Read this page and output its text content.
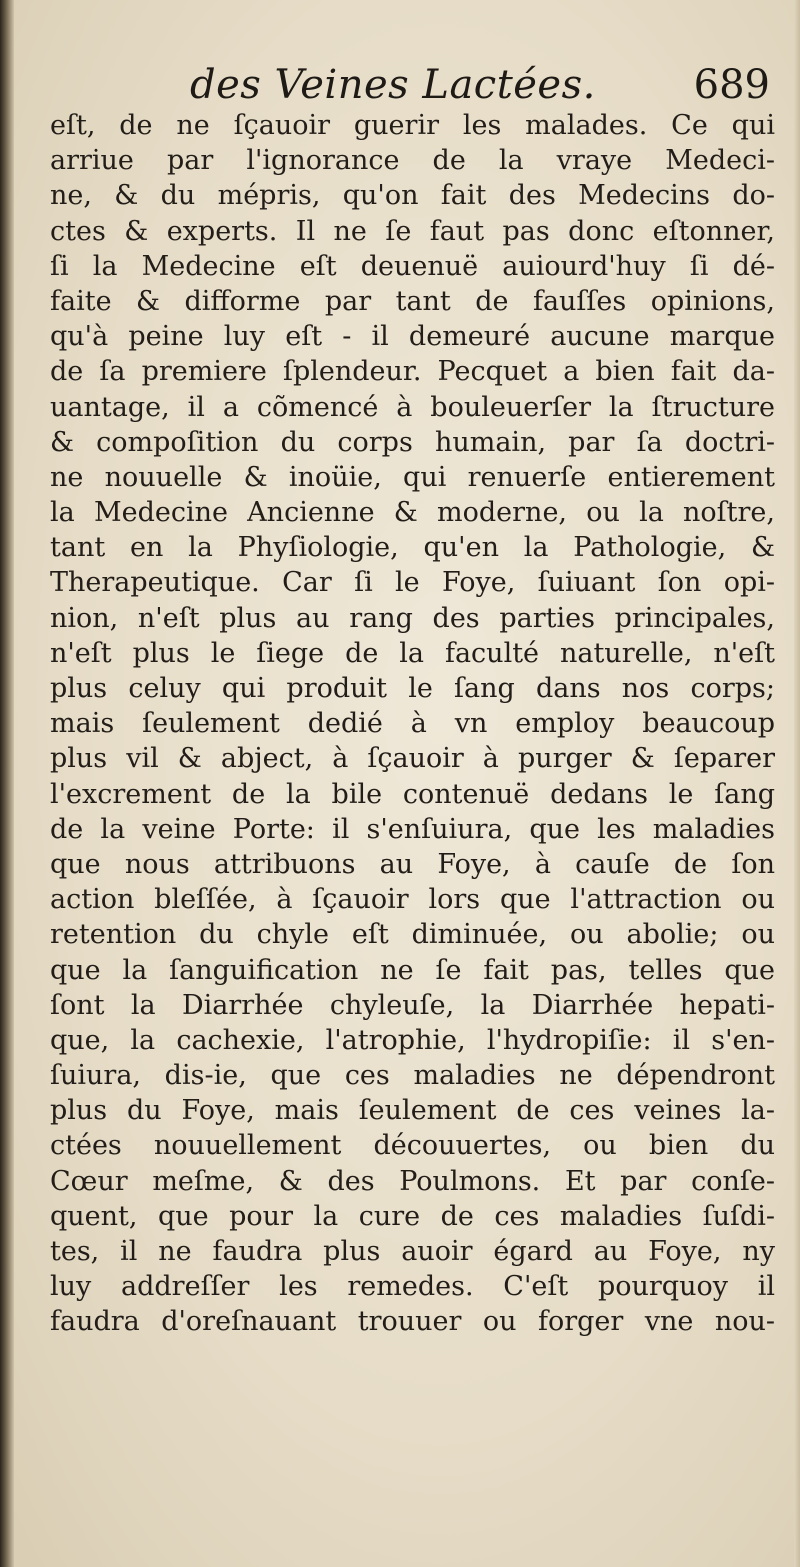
des Veines Lactées. 689
eſt, de ne ſçauoir guerir les malades. Ce qui
arriue par l'ignorance de la vraye Medeci-
ne, & du mépris, qu'on fait des Medecins do-
ctes & experts. Il ne ſe faut pas donc eſtonner,
ſi la Medecine eſt deuenuë auiourd'huy ſi dé-
faite & difforme par tant de fauſſes opinions,
qu'à peine luy eſt - il demeuré aucune marque
de ſa premiere ſplendeur. Pecquet a bien fait da-
uantage, il a cõmencé à bouleuerſer la ſtructure
& compoſition du corps humain, par ſa doctri-
ne nouuelle & inoüie, qui renuerſe entierement
la Medecine Ancienne & moderne, ou la noſtre,
tant en la Phyſiologie, qu'en la Pathologie, &
Therapeutique. Car ſi le Foye, ſuiuant ſon opi-
nion, n'eſt plus au rang des parties principales,
n'eſt plus le ſiege de la faculté naturelle, n'eſt
plus celuy qui produit le ſang dans nos corps;
mais ſeulement dedié à vn employ beaucoup
plus vil & abject, à ſçauoir à purger & ſeparer
l'excrement de la bile contenuë dedans le ſang
de la veine Porte: il s'enſuiura, que les maladies
que nous attribuons au Foye, à cauſe de ſon
action bleſſée, à ſçauoir lors que l'attraction ou
retention du chyle eſt diminuée, ou abolie; ou
que la ſanguification ne ſe fait pas, telles que
ſont la Diarrhée chyleuſe, la Diarrhée hepati-
que, la cachexie, l'atrophie, l'hydropiſie: il s'en-
ſuiura, dis-ie, que ces maladies ne dépendront
plus du Foye, mais ſeulement de ces veines la-
ctées nouuellement découuertes, ou bien du
Cœur meſme, & des Poulmons. Et par conſe-
quent, que pour la cure de ces maladies ſuſdi-
tes, il ne faudra plus auoir égard au Foye, ny
luy addreſſer les remedes. C'eſt pourquoy il
faudra d'oreſnauant trouuer ou forger vne nou-
